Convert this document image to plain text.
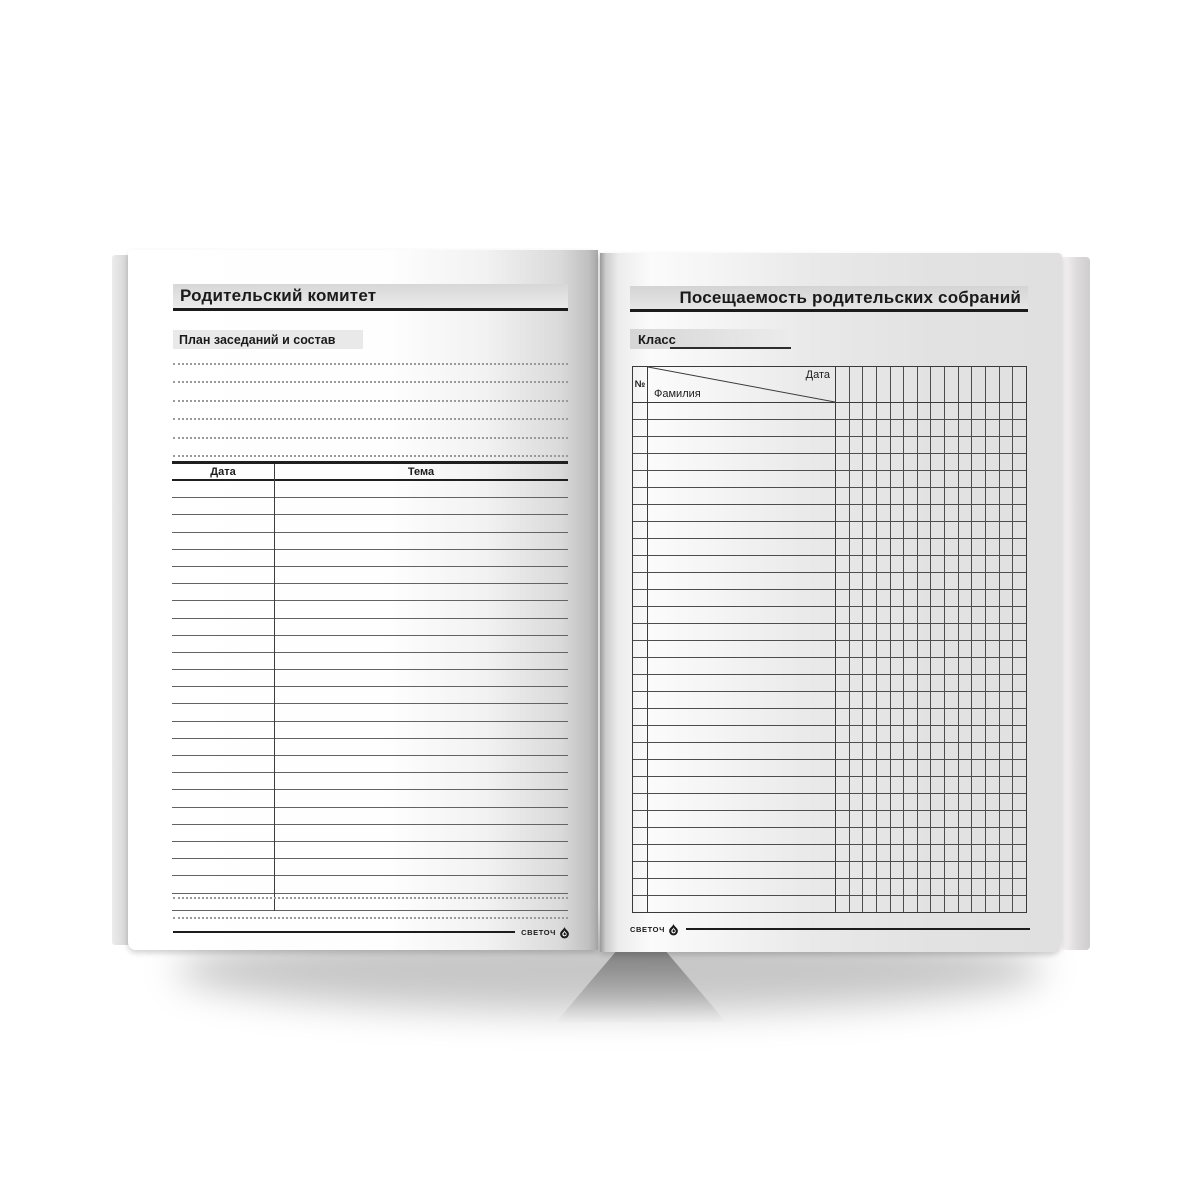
Родительский комитет
План заседаний и состав
Дата	Тема
СВЕТОЧ
Посещаемость родительских собраний
Класс
№
Дата
Фамилия
СВЕТОЧ
